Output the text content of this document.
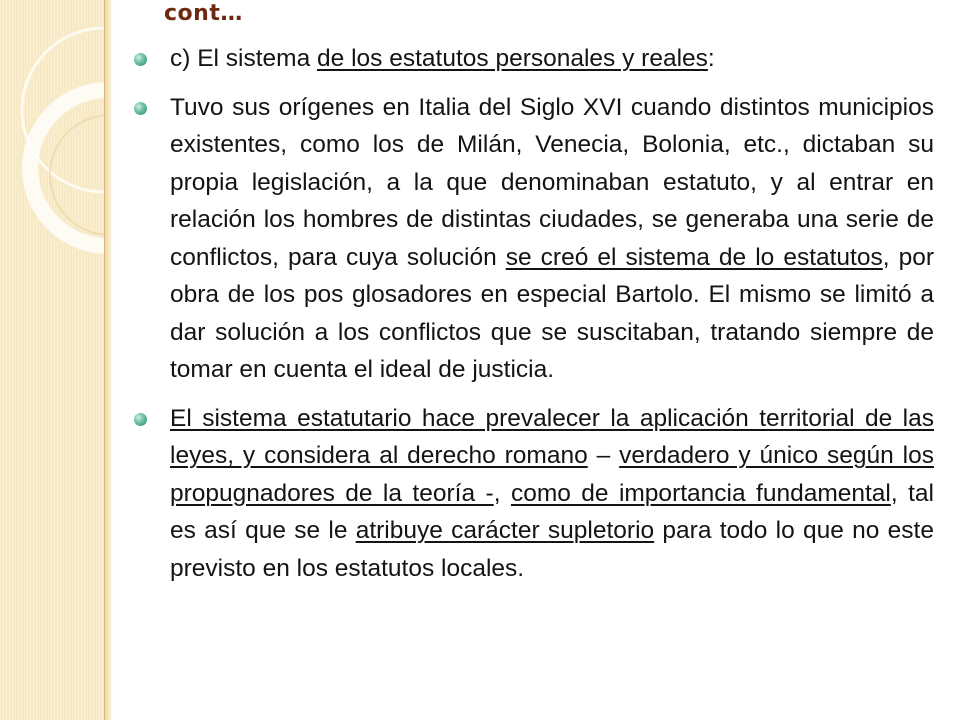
cont…
c) El sistema de los estatutos personales y reales:
Tuvo sus orígenes en Italia del Siglo XVI cuando distintos municipios existentes, como los de Milán, Venecia, Bolonia, etc., dictaban su propia legislación, a la que denominaban estatuto, y al entrar en relación los hombres de distintas ciudades, se generaba una serie de conflictos, para cuya solución se creó el sistema de lo estatutos, por obra de los pos glosadores en especial Bartolo. El mismo se limitó a dar solución a los conflictos que se suscitaban, tratando siempre de tomar en cuenta el ideal de justicia.
El sistema estatutario hace prevalecer la aplicación territorial de las leyes, y considera al derecho romano – verdadero y único según los propugnadores de la teoría -, como de importancia fundamental, tal es así que se le atribuye carácter supletorio para todo lo que no este previsto en los estatutos locales.
